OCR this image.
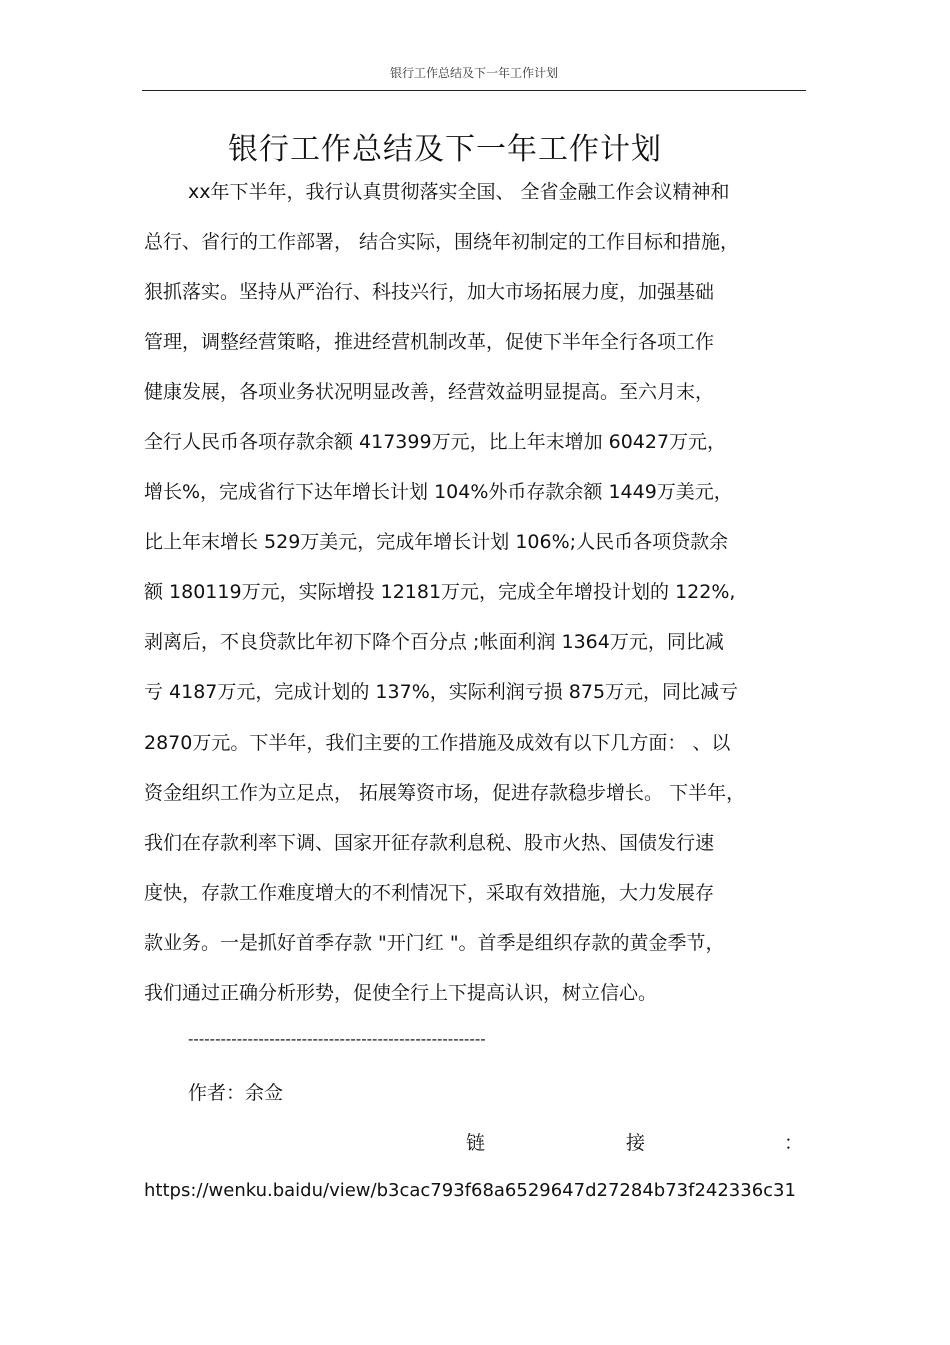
银行工作总结及下一年工作计划
银行工作总结及下一年工作计划

xx年下半年，我行认真贯彻落实全国、 全省金融工作会议精神和

总行、省行的工作部署， 结合实际，围绕年初制定的工作目标和措施，

狠抓落实。坚持从严治行、科技兴行，加大市场拓展力度，加强基础

管理，调整经营策略，推进经营机制改革，促使下半年全行各项工作

健康发展，各项业务状况明显改善，经营效益明显提高。至六月末，

全行人民币各项存款余额 417399万元，比上年末增加 60427万元，

增长%，完成省行下达年增长计划 104%外币存款余额 1449万美元，

比上年末增长 529万美元，完成年增长计划 106%;人民币各项贷款余

额 180119万元，实际增投 12181万元，完成全年增投计划的 122%,

剥离后，不良贷款比年初下降个百分点 ;帐面利润 1364万元，同比减

亏 4187万元，完成计划的 137%，实际利润亏损 875万元，同比减亏

2870万元。下半年，我们主要的工作措施及成效有以下几方面： 、以

资金组织工作为立足点， 拓展筹资市场，促进存款稳步增长。 下半年，

我们在存款利率下调、国家开征存款利息税、股市火热、国债发行速

度快，存款工作难度增大的不利情况下，采取有效措施，大力发展存

款业务。一是抓好首季存款 "开门红 "。首季是组织存款的黄金季节，

我们通过正确分析形势，促使全行上下提高认识，树立信心。

-------------------------------------------------------
作者：余佥
链	接	：
https://wenku.baidu/view/b3cac793f68a6529647d27284b73f242336c31
